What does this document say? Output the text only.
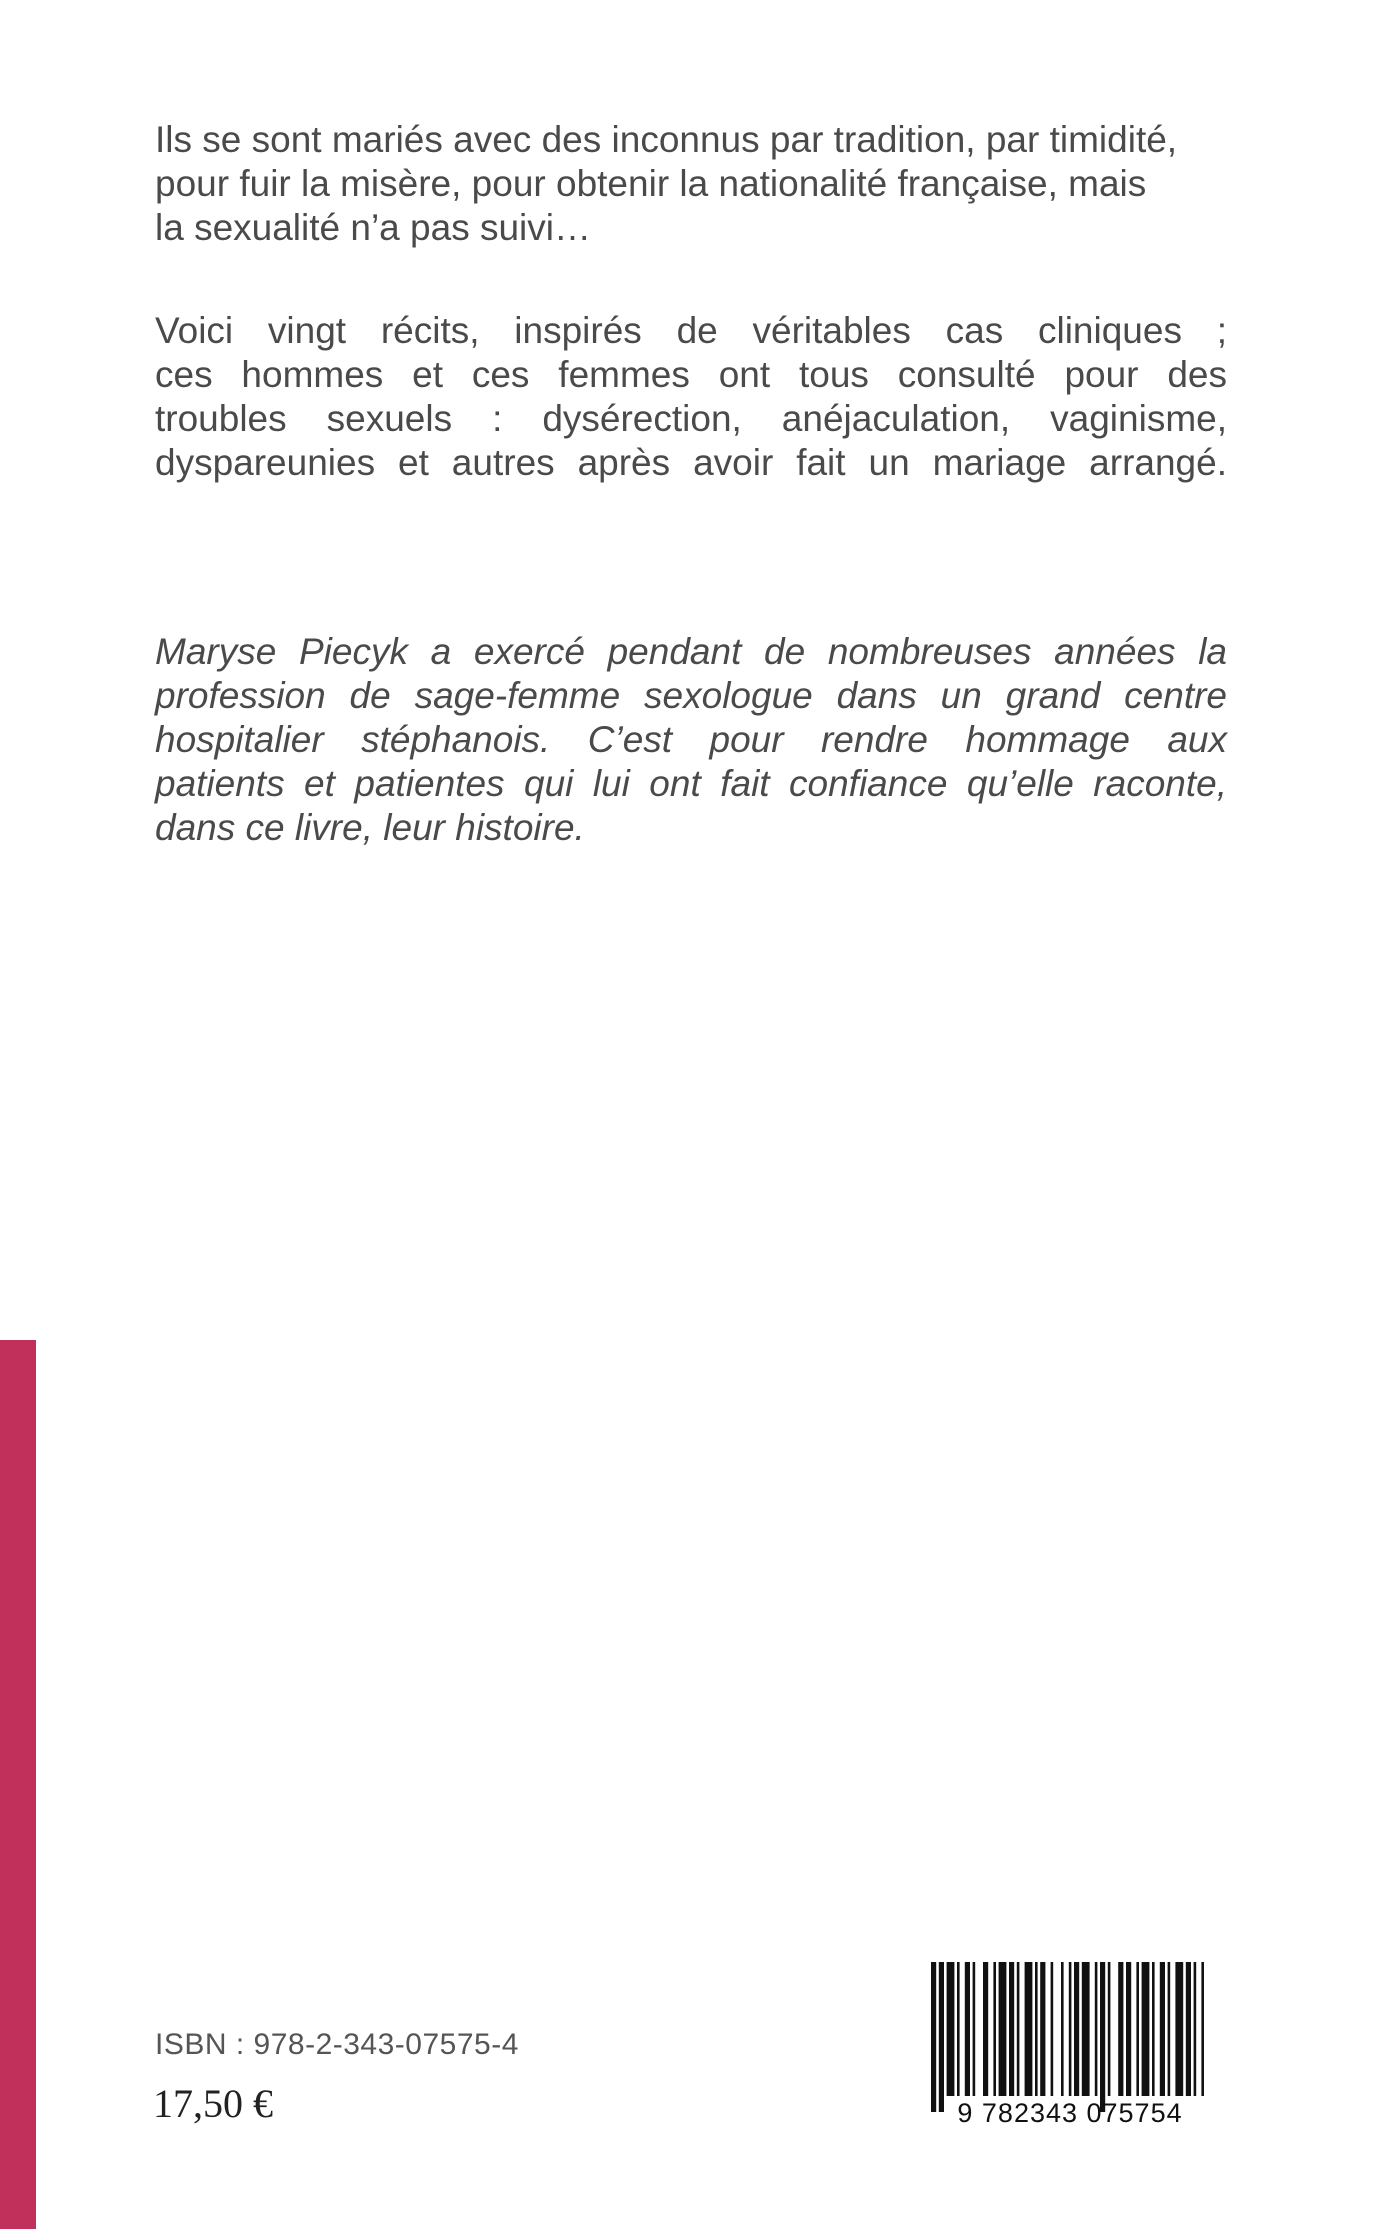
Ils se sont mariés avec des inconnus par tradition, par timidité,
pour fuir la misère, pour obtenir la nationalité française, mais
la sexualité n’a pas suivi…
Voici vingt récits, inspirés de véritables cas cliniques ;
ces hommes et ces femmes ont tous consulté pour des
troubles sexuels : dysérection, anéjaculation, vaginisme,
dyspareunies et autres après avoir fait un mariage arrangé.
Maryse Piecyk a exercé pendant de nombreuses années la
profession de sage-femme sexologue dans un grand centre
hospitalier stéphanois. C’est pour rendre hommage aux
patients et patientes qui lui ont fait confiance qu’elle raconte,
dans ce livre, leur histoire.
ISBN : 978-2-343-07575-4
17,50 €	9 782343 075754
